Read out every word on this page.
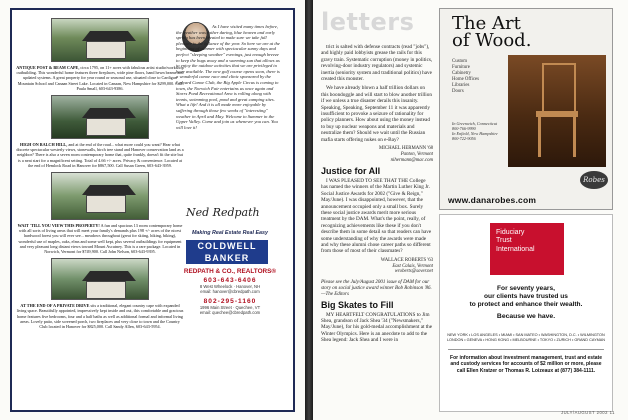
ANTIQUE POST & BEAM CAPE, circa 1795, on 11+ acres with fabulous artist studio/workshop outbuilding. This wonderful home features three fireplaces, wide pine floors, hand hewn beams and updated systems. A great property for year round or seasonal use, situated close to Cardigan Mountain School and Canaan Street Lake. Located in Canaan, New Hampshire for $299,000. Call Paula Small, 603-643-9386.
HIGH ON BALCH HILL, and at the end of the road... what more could you want? Hear what discrete spectacular westerly views, stonewalls, birch tree stand and Hanover conservation land as a neighbor? There is also a seven room contemporary home that, quite frankly, doesn't fit the site but is a neat start for a magnificent setting. Total of 4.66 +/- acres. Privacy & convenience. Located at the end of Hemlock Road in Hanover for $867,500. Call Susan Green, 603-643-3959.
WAIT 'TILL YOU VIEW THIS PROPERTY! A fun and spacious 13 room contemporary home with all sorts of living areas that will meet your family's demands plus 198 +/- acres of the nicest hardwood forest you will ever see... meadows throughout (great for skiing, hiking, biking), wonderful use of maples, oaks, elms and some well kept, plus several outbuildings for equipment and very pleasant long distant views toward Mount Ascutney. This is a rare package. Located in Norwich, Vermont for $749,900. Call John Nelson, 603-643-9395.
AT THE END OF A PRIVATE DRIVE sits a traditional, elegant country cape with expanded living space. Beautifully appointed, impressively kept inside and out, this comfortable and gracious home features five bedrooms, four and a half baths as well as additional formal and informal living areas. Lovely patio, side screened porch, two fireplaces and very close to town and the Country Club located in Hanover for $825,000. Call Sandy Allen, 603-643-5954.
As I have visited many times before, the weather was rather daring, blue heaven and early spring has been created to make sure we take full pleasure in the balance of the year. So here we are at the beginning of summer with spectacular sunny days and perfect "sleeping weather" evenings, just enough breeze to keep the bugs away and a warming sun that allows us to enjoy the outdoor activities that we are privileged to have available. The new golf course opens soon, there is a wonderful canoe race and clinic sponsored by the Ledyard Canoe Club, the Big Apple Circus is coming to town, the Norwich Fair entertains us once again and Storrs Pond Recreational Area is rolling along with tennis, swimming pool, pond and great camping sites. What a life! And it is all made more enjoyable by suffering through those few weeks of "interesting" weather in April and May. Welcome to Summer in the Upper Valley. Come and join us whenever you can. You will love it!
Ned Redpath
Making Real Estate Real Easy
COLDWELL BANKER
REDPATH & CO., REALTORS®
603-643-6406
8 West Wheelock · Hanover, NH
email: hanover@cbredpath.com
802-295-1160
1996 Main Street · Quechee, VT
email: quechee@cbredpath.com
letters

trict is salted with defense contracts (read "jobs"), and highly paid lobbyists grease the rails for this gravy train. Systematic corruption (money in politics, revolving-door industry regulators) and systemic inertia (seniority system and traditional politics) have created this monster.

We have already blown a half trillion dollars on this boondoggle and will start to blow another trillion if we unless a true disaster derails this insanity. Speaking, Speaking, September 11 it was apparently insufficient to provoke a seizure of rationality for policy planners. How about using the money instead to buy up nuclear weapons and materials and neutralize them? Should we wait until the Russian mafia starts offering nukes on e-Bay?

MICHAEL HERMANN '68
Panton, Vermont
nihermann@mac.com

Justice for All

I WAS PLEASED TO SEE THAT THE College has named the winners of the Martin Luther King Jr. Social Justice Awards for 2002 ("Give & Reign," May/June). I was disappointed, however, that the announcement occupied only a small box. Surely these social justice awards merit more serious treatment by the DAM. What's the point, really, of recognizing achievements like these if you don't describe them in some detail so that readers can have some understanding of why the awards were made and why these alumni chose career paths so different from those of most of their classmates?

WALLACE ROBERTS '63
East Calais, Vermont
wroberts@sover.net

Please see the July/August 2001 issue of DAM for our story on social justice award winner Bob Robinson '86. —The Editors

Big Skates to Fill

MY HEARTFELT CONGRATULATIONS to Jim Shea, grandson of Jack Shea '34 ("Newsmakers," May/June), for his gold-medal accomplishment at the Winter Olympics. Here is an anecdote to add to the Shea legend: Jack Shea and I were in

The Art
of Wood.
Custom
Furniture
Cabinetry
Home Offices
Libraries
Doors
In Greenwich, Connecticut
800-766-9990
In Enfield, New Hampshire
800-722-9056
Robes
www.danarobes.com
Fiduciary
Trust
International
For seventy years,
our clients have trusted us
to protect and enhance their wealth.
Because we have.
NEW YORK • LOS ANGELES • MIAMI • SAN MATEO • WASHINGTON, D.C. • WILMINGTON
LONDON • GENEVA • HONG KONG • MELBOURNE • TOKYO • ZURICH • GRAND CAYMAN
For information about investment management, trust and estate and custody services for accounts of $2 million or more, please call Ellen Kratzer or Thomas R. Loizeaux at (877) 384-1111.
JULY/AUGUST 2002 11
